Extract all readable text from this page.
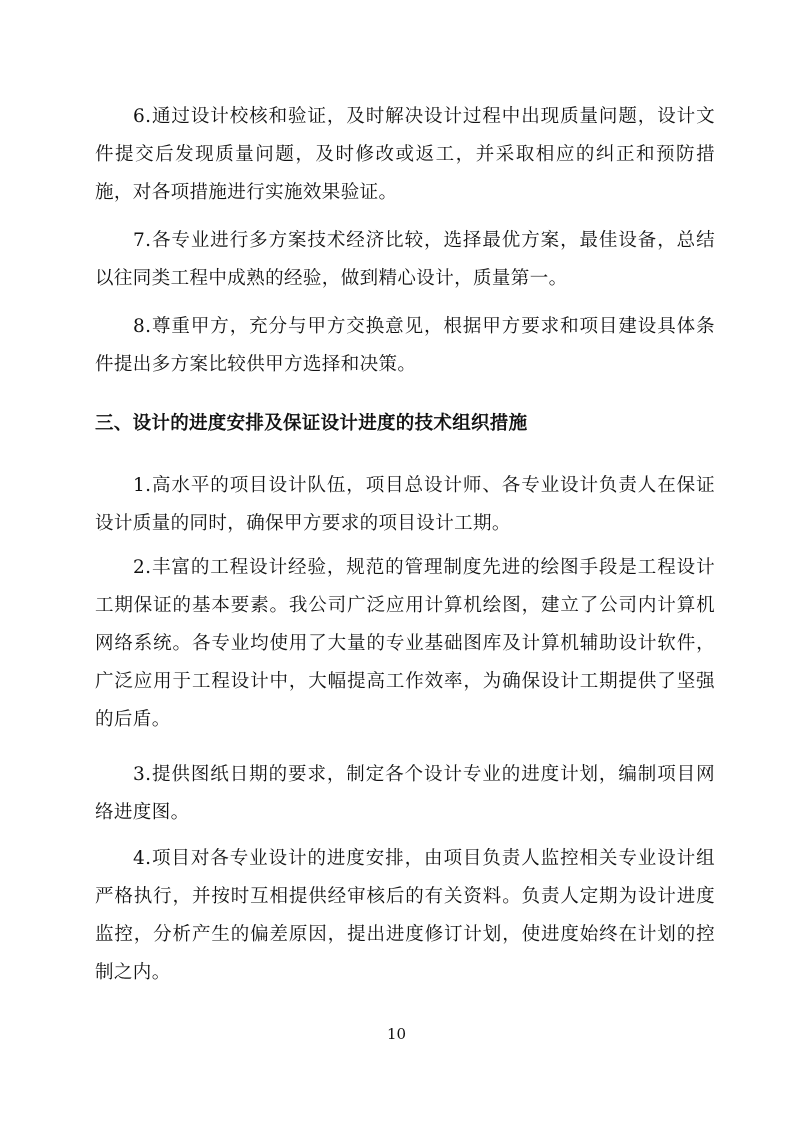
6.通过设计校核和验证，及时解决设计过程中出现质量问题，设计文件提交后发现质量问题，及时修改或返工，并采取相应的纠正和预防措施，对各项措施进行实施效果验证。

7.各专业进行多方案技术经济比较，选择最优方案，最佳设备，总结以往同类工程中成熟的经验，做到精心设计，质量第一。

8.尊重甲方，充分与甲方交换意见，根据甲方要求和项目建设具体条件提出多方案比较供甲方选择和决策。

三、设计的进度安排及保证设计进度的技术组织措施

1.高水平的项目设计队伍，项目总设计师、各专业设计负责人在保证设计质量的同时，确保甲方要求的项目设计工期。

2.丰富的工程设计经验，规范的管理制度先进的绘图手段是工程设计工期保证的基本要素。我公司广泛应用计算机绘图，建立了公司内计算机网络系统。各专业均使用了大量的专业基础图库及计算机辅助设计软件，广泛应用于工程设计中，大幅提高工作效率，为确保设计工期提供了坚强的后盾。

3.提供图纸日期的要求，制定各个设计专业的进度计划，编制项目网络进度图。

4.项目对各专业设计的进度安排，由项目负责人监控相关专业设计组严格执行，并按时互相提供经审核后的有关资料。负责人定期为设计进度监控，分析产生的偏差原因，提出进度修订计划，使进度始终在计划的控制之内。

10
